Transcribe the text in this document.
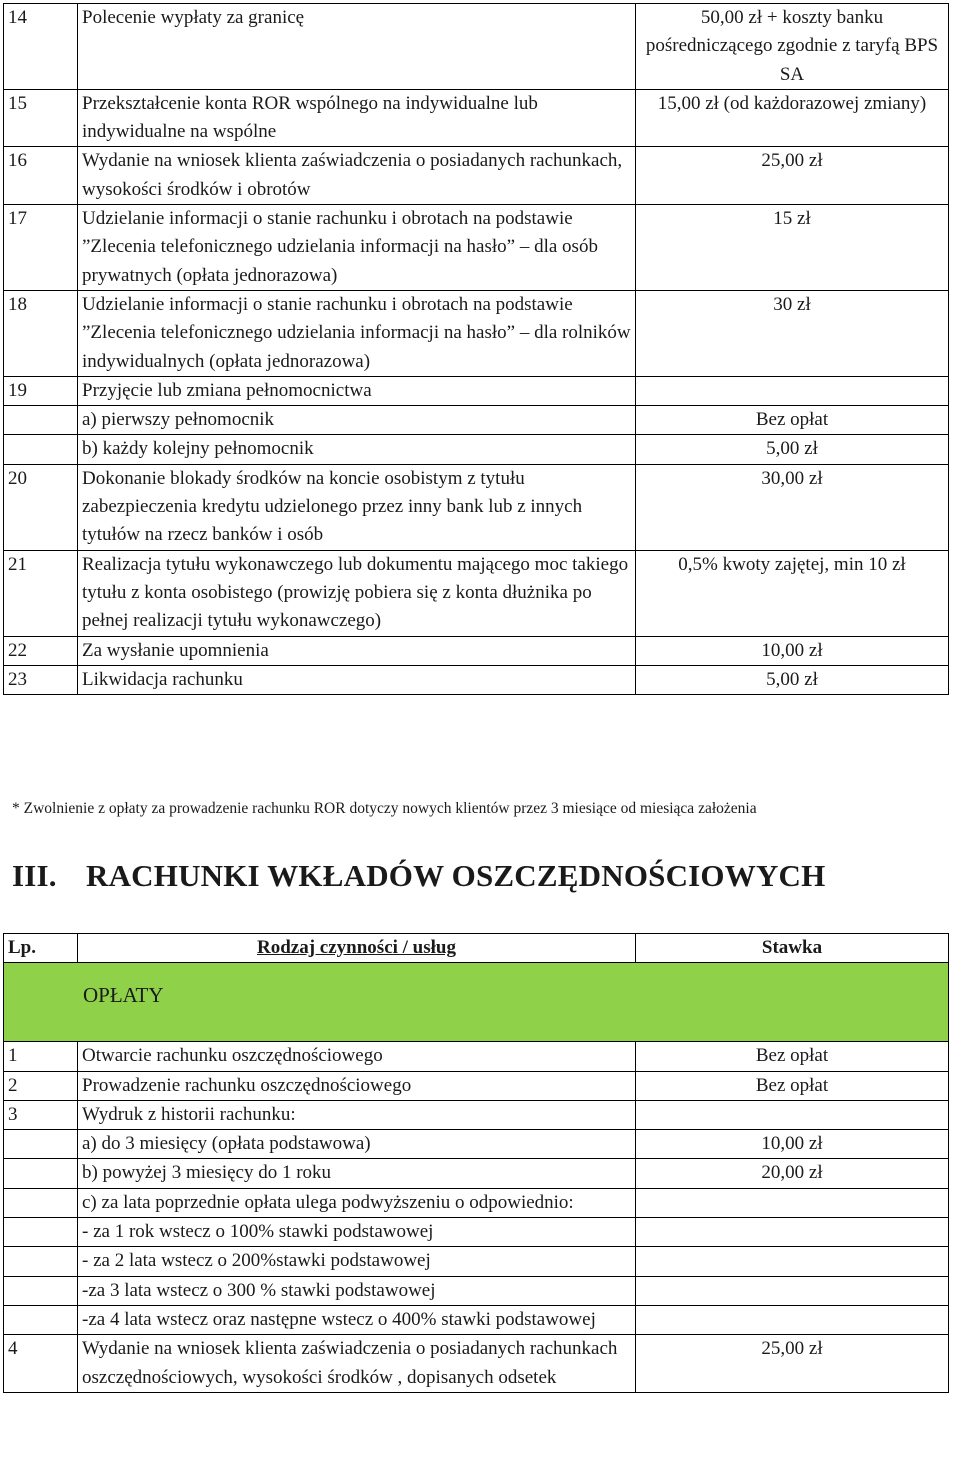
14	Polecenie wypłaty za granicę	50,00 zł + koszty banku pośredniczącego zgodnie z taryfą BPS SA
15	Przekształcenie konta ROR wspólnego na indywidualne lub indywidualne na wspólne	15,00 zł (od każdorazowej zmiany)
16	Wydanie na wniosek klienta zaświadczenia o posiadanych rachunkach, wysokości środków i obrotów	25,00 zł
17	Udzielanie informacji o stanie rachunku i obrotach na podstawie ”Zlecenia telefonicznego udzielania informacji na hasło” – dla osób prywatnych (opłata jednorazowa)	15 zł
18	Udzielanie informacji o stanie rachunku i obrotach na podstawie ”Zlecenia telefonicznego udzielania informacji na hasło” – dla rolników indywidualnych (opłata jednorazowa)	30 zł
19	Przyjęcie lub zmiana pełnomocnictwa	
	a) pierwszy pełnomocnik	Bez opłat
	b) każdy kolejny pełnomocnik	5,00 zł
20	Dokonanie blokady środków na koncie osobistym z tytułu zabezpieczenia kredytu udzielonego przez inny bank lub z innych tytułów na rzecz banków i osób	30,00 zł
21	Realizacja tytułu wykonawczego lub dokumentu mającego moc takiego tytułu z konta osobistego (prowizję pobiera się z konta dłużnika po pełnej realizacji tytułu wykonawczego)	0,5% kwoty zajętej, min 10 zł
22	Za wysłanie upomnienia	10,00 zł
23	Likwidacja rachunku	5,00 zł
* Zwolnienie z opłaty za prowadzenie rachunku ROR dotyczy nowych klientów przez 3 miesiące od miesiąca założenia
III. RACHUNKI WKŁADÓW OSZCZĘDNOŚCIOWYCH
Lp.	Rodzaj czynności / usług	Stawka

OPŁATY		

1	Otwarcie rachunku oszczędnościowego	Bez opłat
2	Prowadzenie rachunku oszczędnościowego	Bez opłat
3	Wydruk z historii rachunku:	
	a) do 3 miesięcy (opłata podstawowa)	10,00 zł
	b) powyżej 3 miesięcy do 1 roku	20,00 zł
	c) za lata poprzednie opłata ulega podwyższeniu o odpowiednio:	
	- za 1 rok wstecz o 100% stawki podstawowej	
	- za 2 lata wstecz o 200%stawki podstawowej	
	-za 3 lata wstecz o 300 % stawki podstawowej	
	-za 4 lata wstecz oraz następne wstecz o 400% stawki podstawowej	
4	Wydanie na wniosek klienta zaświadczenia o posiadanych rachunkach oszczędnościowych, wysokości środków , dopisanych odsetek	25,00 zł
